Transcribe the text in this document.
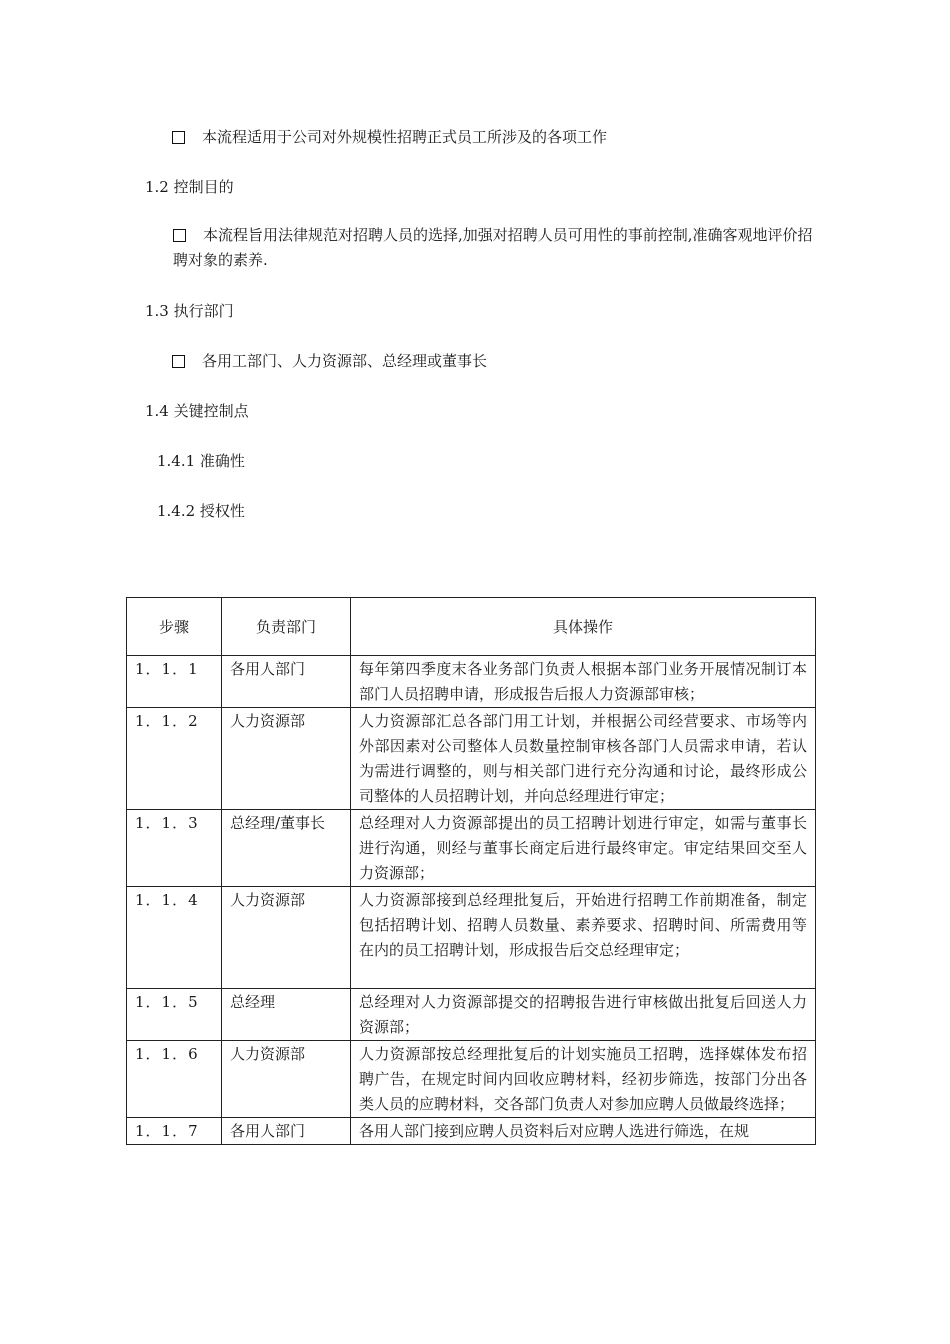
本流程适用于公司对外规模性招聘正式员工所涉及的各项工作
1.2 控制目的
本流程旨用法律规范对招聘人员的选择,加强对招聘人员可用性的事前控制,准确客观地评价招聘对象的素养.
1.3 执行部门
各用工部门、人力资源部、总经理或董事长
1.4 关键控制点
1.4.1 准确性
1.4.2 授权性
步骤	负责部门	具体操作
1．1．1	各用人部门	每年第四季度末各业务部门负责人根据本部门业务开展情况制订本部门人员招聘申请，形成报告后报人力资源部审核；
1．1．2	人力资源部	人力资源部汇总各部门用工计划，并根据公司经营要求、市场等内外部因素对公司整体人员数量控制审核各部门人员需求申请，若认为需进行调整的，则与相关部门进行充分沟通和讨论，最终形成公司整体的人员招聘计划，并向总经理进行审定；
1．1．3	总经理/董事长	总经理对人力资源部提出的员工招聘计划进行审定，如需与董事长进行沟通，则经与董事长商定后进行最终审定。审定结果回交至人力资源部；
1．1．4	人力资源部	人力资源部接到总经理批复后，开始进行招聘工作前期准备，制定包括招聘计划、招聘人员数量、素养要求、招聘时间、所需费用等在内的员工招聘计划，形成报告后交总经理审定；
1．1．5	总经理	总经理对人力资源部提交的招聘报告进行审核做出批复后回送人力资源部；
1．1．6	人力资源部	人力资源部按总经理批复后的计划实施员工招聘，选择媒体发布招聘广告，在规定时间内回收应聘材料，经初步筛选，按部门分出各类人员的应聘材料，交各部门负责人对参加应聘人员做最终选择；
1．1．7	各用人部门	各用人部门接到应聘人员资料后对应聘人选进行筛选，在规
